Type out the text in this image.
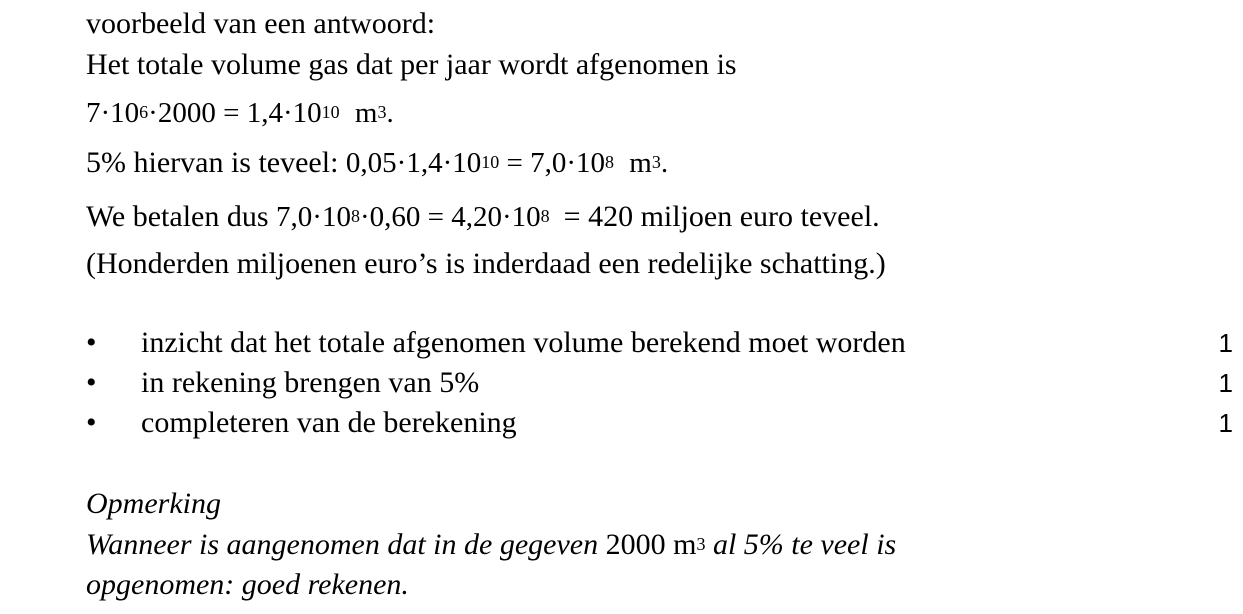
voorbeeld van een antwoord:
Het totale volume gas dat per jaar wordt afgenomen is
$7\cdot 10^6\cdot 2000 = 1,4\cdot 10^{10}$ $m^3$.
5% hiervan is teveel: $0,05\cdot 1,4\cdot 10^{10} = 7,0\cdot 10^8$ $m^3$.
We betalen dus $7,0\cdot 10^8\cdot 0,60 = 4,20\cdot 10^8 = 420$ miljoen euro teveel.
(Honderden miljoenen euro’s is inderdaad een redelijke schatting.)
• inzicht dat het totale afgenomen volume berekend moet worden	1
• in rekening brengen van 5%	1
• completeren van de berekening	1
Opmerking
Wanneer is aangenomen dat in de gegeven 2000 $m^3$ al 5% te veel is
opgenomen: goed rekenen.
